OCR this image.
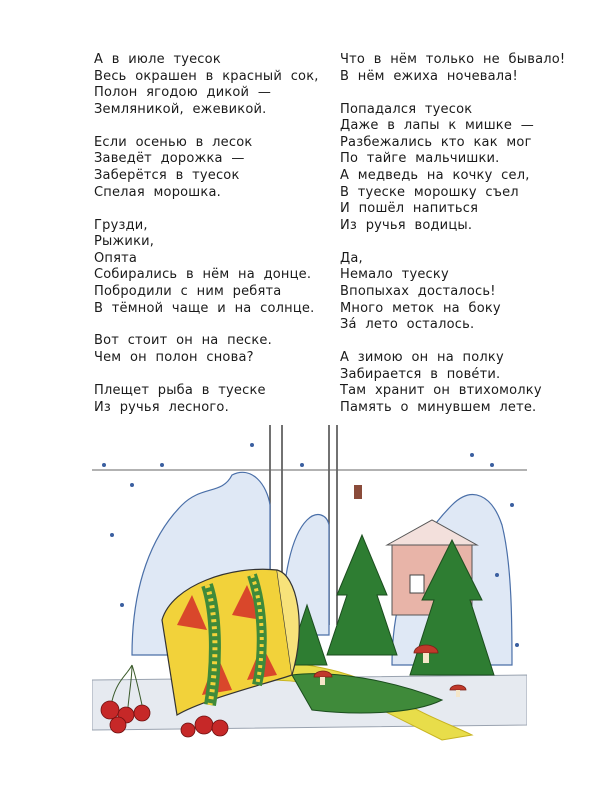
А  в  июле  туесок
Весь  окрашен  в  красный  сок,
Полон  ягодою  дикой  —
Земляникой,  ежевикой.
Если  осенью  в  лесок
Заведёт  дорожка  —
Заберётся  в  туесок
Спелая  морошка.
Грузди,
Рыжики,
Опята
Собирались  в  нём  на  донце.
Побродили  с  ним  ребята
В  тёмной  чаще  и  на  солнце.
Вот  стоит  он  на  песке.
Чем  он  полон  снова?
Плещет  рыба  в  туеске
Из  ручья  лесного.
Что  в  нём  только  не  бывало!
В  нём  ежиха  ночевала!
Попадался  туесок
Даже  в  лапы  к  мишке  —
Разбежались  кто  как  мог
По  тайге  мальчишки.
А  медведь  на  кочку  сел,
В  туеске  морошку  съел
И  пошёл  напиться
Из  ручья  водицы.
Да,
Немало  туеску
Впопыхах  досталось!
Много  меток  на  боку
За́  лето  осталось.
А  зимою  он  на  полку
Забирается  в  пове́ти.
Там  хранит  он  втихомолку
Память  о  минувшем  лете.
